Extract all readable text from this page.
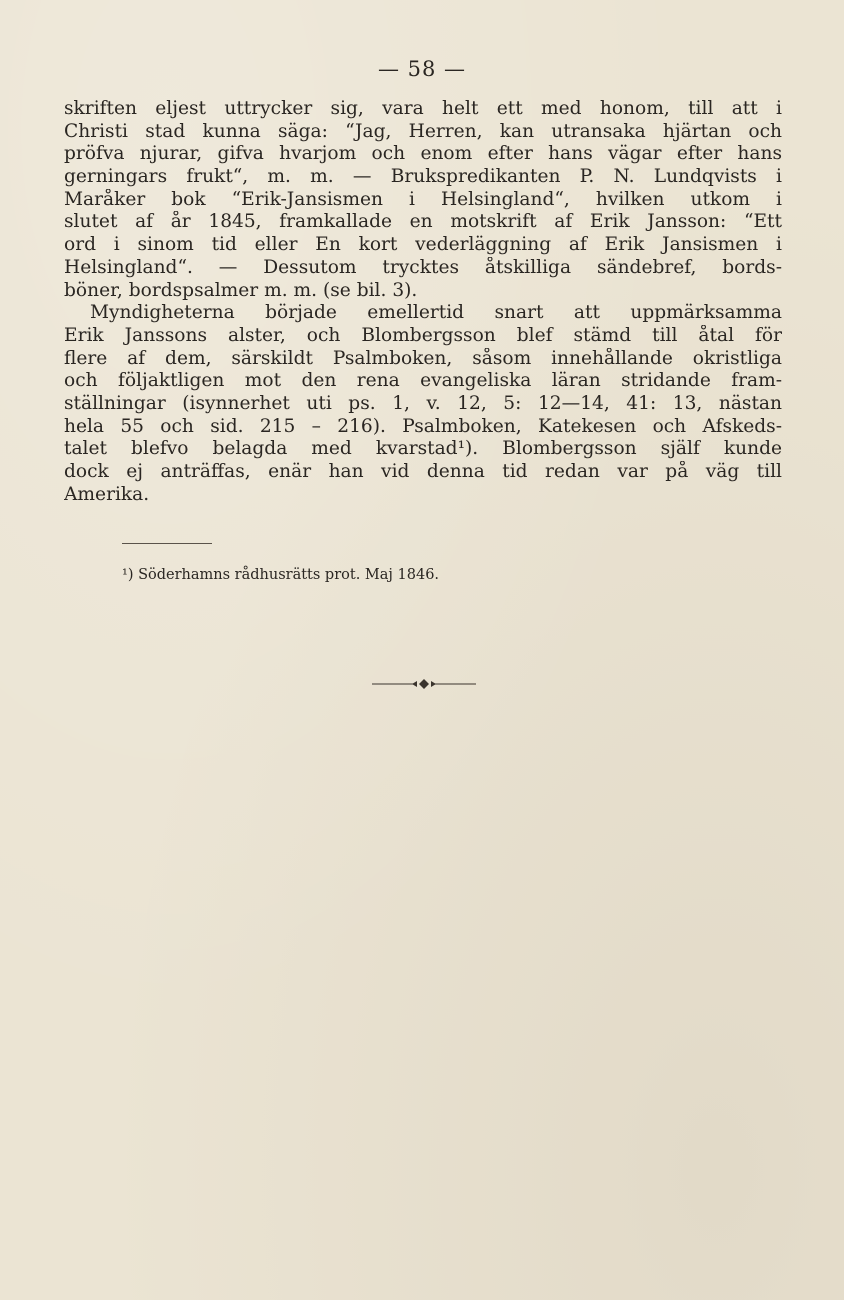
— 58 —
skriften eljest uttrycker sig, vara helt ett med honom, till att i
Christi stad kunna säga: “Jag, Herren, kan utransaka hjärtan och
pröfva njurar, gifva hvarjom och enom efter hans vägar efter hans
gerningars frukt“, m. m. — Brukspredikanten P. N. Lundqvists i
Maråker bok “Erik-Jansismen i Helsingland“, hvilken utkom i
slutet af år 1845, framkallade en motskrift af Erik Jansson: “Ett
ord i sinom tid eller En kort vederläggning af Erik Jansismen i
Helsingland“. — Dessutom trycktes åtskilliga sändebref, bords-
böner, bordspsalmer m. m. (se bil. 3).
Myndigheterna började emellertid snart att uppmärksamma
Erik Janssons alster, och Blombergsson blef stämd till åtal för
flere af dem, särskildt Psalmboken, såsom innehållande okristliga
och följaktligen mot den rena evangeliska läran stridande fram-
ställningar (isynnerhet uti ps. 1, v. 12, 5: 12—14, 41: 13, nästan
hela 55 och sid. 215 – 216). Psalmboken, Katekesen och Afskeds-
talet blefvo belagda med kvarstad¹). Blombergsson själf kunde
dock ej anträffas, enär han vid denna tid redan var på väg till
Amerika.
¹) Söderhamns rådhusrätts prot. Maj 1846.
